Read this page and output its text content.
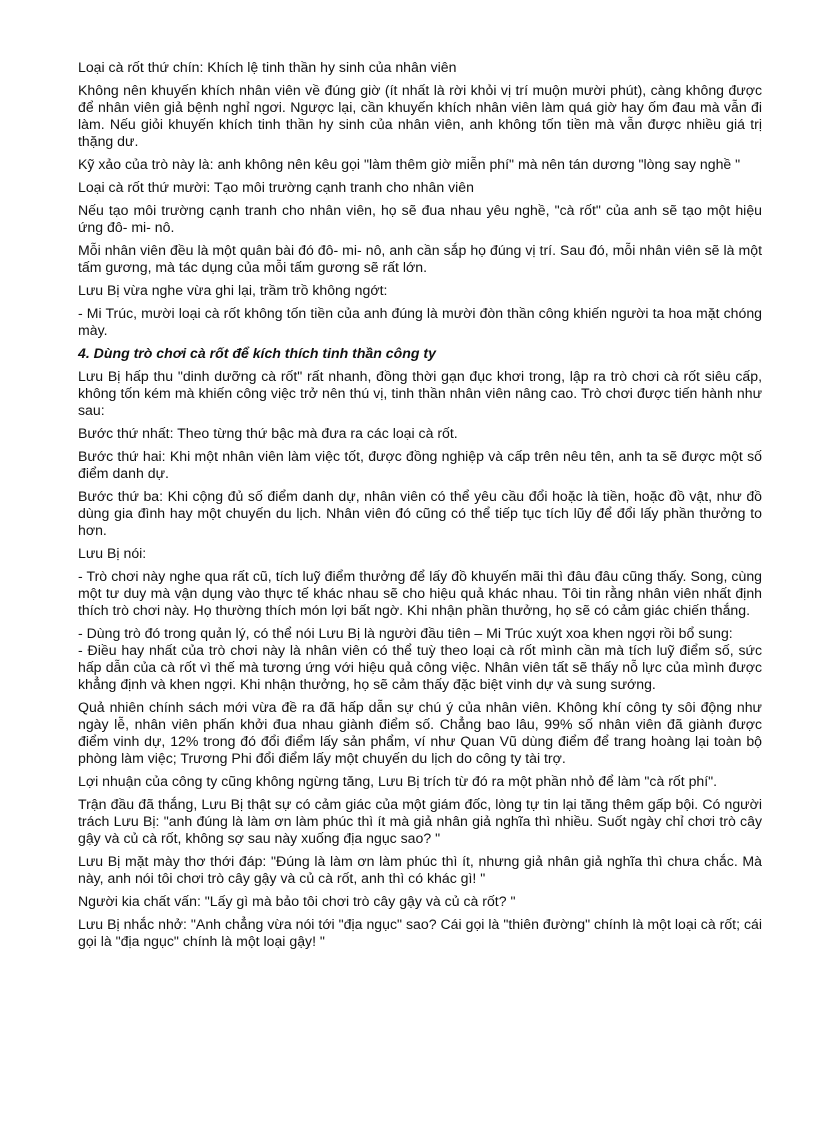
Loại cà rốt thứ chín: Khích lệ tinh thần hy sinh của nhân viên

Không nên khuyến khích nhân viên về đúng giờ (ít nhất là rời khỏi vị trí muộn mười phút), càng không được để nhân viên giả bệnh nghỉ ngơi. Ngược lại, cần khuyến khích nhân viên làm quá giờ hay ốm đau mà vẫn đi làm. Nếu giỏi khuyến khích tinh thần hy sinh của nhân viên, anh không tốn tiền mà vẫn được nhiều giá trị thặng dư.

Kỹ xảo của trò này là: anh không nên kêu gọi "làm thêm giờ miễn phí" mà nên tán dương "lòng say nghề "

Loại cà rốt thứ mười: Tạo môi trường cạnh tranh cho nhân viên

Nếu tạo môi trường cạnh tranh cho nhân viên, họ sẽ đua nhau yêu nghề, "cà rốt" của anh sẽ tạo một hiệu ứng đô- mi- nô.

Mỗi nhân viên đều là một quân bài đó đô- mi- nô, anh cần sắp họ đúng vị trí. Sau đó, mỗi nhân viên sẽ là một tấm gương, mà tác dụng của mỗi tấm gương sẽ rất lớn.

Lưu Bị vừa nghe vừa ghi lại, trầm trồ không ngớt:

- Mi Trúc, mười loại cà rốt không tốn tiền của anh đúng là mười đòn thần công khiến người ta hoa mặt chóng mày.

4. Dùng trò chơi cà rốt để kích thích tinh thần công ty

Lưu Bị hấp thu "dinh dưỡng cà rốt" rất nhanh, đồng thời gạn đục khơi trong, lập ra trò chơi cà rốt siêu cấp, không tốn kém mà khiến công việc trở nên thú vị, tinh thần nhân viên nâng cao. Trò chơi được tiến hành như sau:

Bước thứ nhất: Theo từng thứ bậc mà đưa ra các loại cà rốt.

Bước thứ hai: Khi một nhân viên làm việc tốt, được đồng nghiệp và cấp trên nêu tên, anh ta sẽ được một số điểm danh dự.

Bước thứ ba: Khi cộng đủ số điểm danh dự, nhân viên có thể yêu cầu đổi hoặc là tiền, hoặc đồ vật, như đồ dùng gia đình hay một chuyến du lịch. Nhân viên đó cũng có thể tiếp tục tích lũy để đổi lấy phần thưởng to hơn.

Lưu Bị nói:

- Trò chơi này nghe qua rất cũ, tích luỹ điểm thưởng để lấy đồ khuyến mãi thì đâu đâu cũng thấy. Song, cùng một tư duy mà vận dụng vào thực tế khác nhau sẽ cho hiệu quả khác nhau. Tôi tin rằng nhân viên nhất định thích trò chơi này. Họ thường thích món lợi bất ngờ. Khi nhận phần thưởng, họ sẽ có cảm giác chiến thắng.

- Dùng trò đó trong quản lý, có thể nói Lưu Bị là người đầu tiên – Mi Trúc xuýt xoa khen ngợi rồi bổ sung:

- Điều hay nhất của trò chơi này là nhân viên có thể tuỳ theo loại cà rốt mình cần mà tích luỹ điểm số, sức hấp dẫn của cà rốt vì thế mà tương ứng với hiệu quả công việc. Nhân viên tất sẽ thấy nỗ lực của mình được khẳng định và khen ngợi. Khi nhận thưởng, họ sẽ cảm thấy đặc biệt vinh dự và sung sướng.

Quả nhiên chính sách mới vừa đề ra đã hấp dẫn sự chú ý của nhân viên. Không khí công ty sôi động như ngày lễ, nhân viên phấn khởi đua nhau giành điểm số. Chẳng bao lâu, 99% số nhân viên đã giành được điểm vinh dự, 12% trong đó đổi điểm lấy sản phẩm, ví như Quan Vũ dùng điểm để trang hoàng lại toàn bộ phòng làm việc; Trương Phi đổi điểm lấy một chuyến du lịch do công ty tài trợ.

Lợi nhuận của công ty cũng không ngừng tăng, Lưu Bị trích từ đó ra một phần nhỏ để làm "cà rốt phí".

Trận đầu đã thắng, Lưu Bị thật sự có cảm giác của một giám đốc, lòng tự tin lại tăng thêm gấp bội. Có người trách Lưu Bị: "anh đúng là làm ơn làm phúc thì ít mà giả nhân giả nghĩa thì nhiều. Suốt ngày chỉ chơi trò cây gậy và củ cà rốt, không sợ sau này xuống địa ngục sao? "

Lưu Bị mặt mày thơ thới đáp: "Đúng là làm ơn làm phúc thì ít, nhưng giả nhân giả nghĩa thì chưa chắc. Mà này, anh nói tôi chơi trò cây gậy và củ cà rốt, anh thì có khác gì! "

Người kia chất vấn: "Lấy gì mà bảo tôi chơi trò cây gậy và củ cà rốt? "

Lưu Bị nhắc nhở: "Anh chẳng vừa nói tới "địa ngục" sao? Cái gọi là "thiên đường" chính là một loại cà rốt; cái gọi là "địa ngục" chính là một loại gậy! "
